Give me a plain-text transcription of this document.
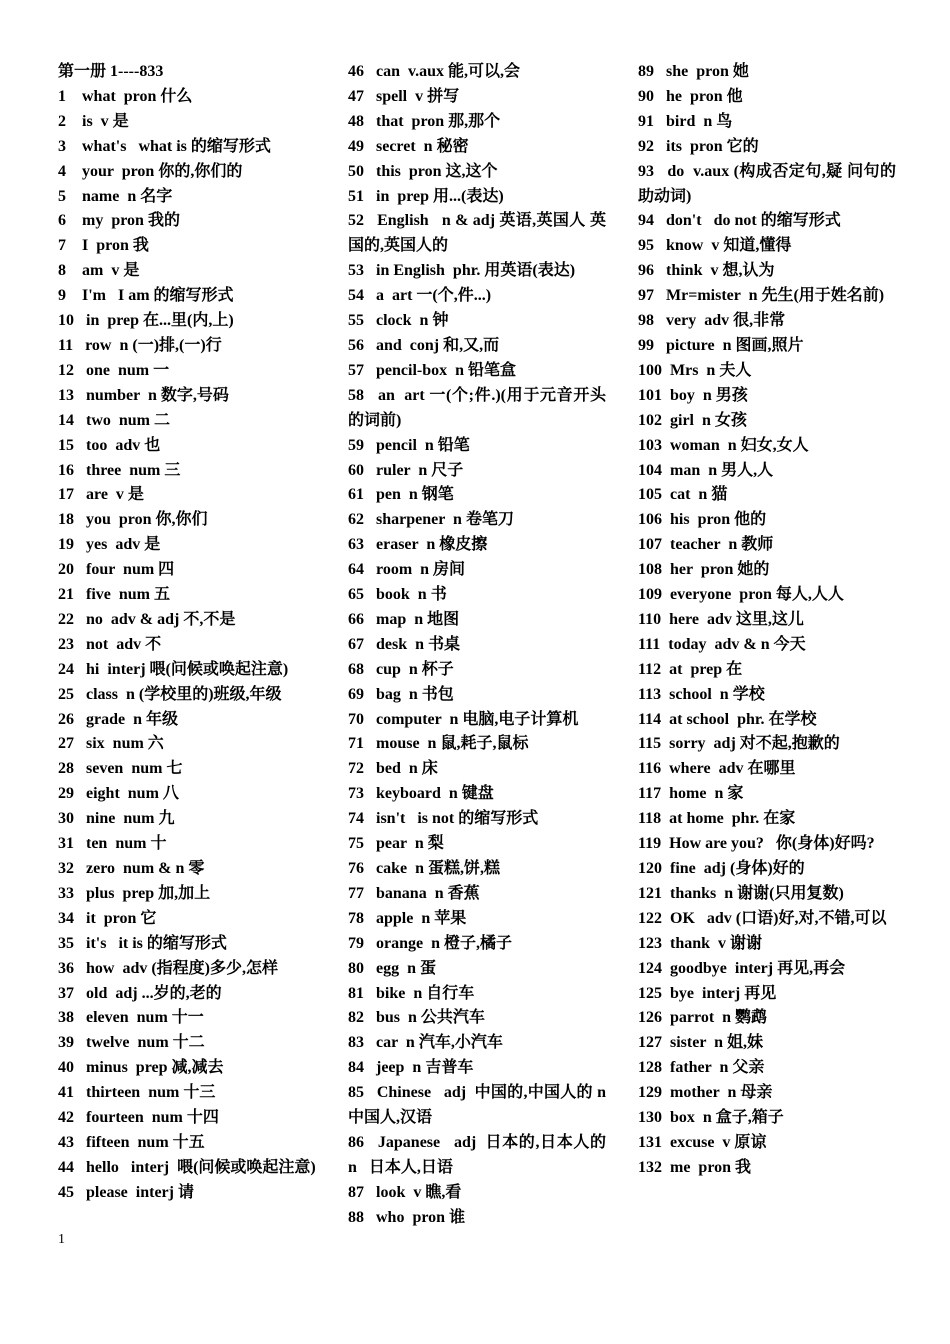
第一册 1----833
1    what  pron 什么
2    is  v 是
3    what's   what is 的缩写形式
4    your  pron 你的,你们的
5    name  n 名字
6    my  pron 我的
7    I  pron 我
8    am  v 是
9    I'm   I am 的缩写形式
10   in  prep 在...里(内,上)
11   row  n (一)排,(一)行
12   one  num 一
13   number  n 数字,号码
14   two  num 二
15   too  adv 也
16   three  num 三
17   are  v 是
18   you  pron 你,你们
19   yes  adv 是
20   four  num 四
21   five  num 五
22   no  adv & adj 不,不是
23   not  adv 不
24   hi  interj 喂(问候或唤起注意)
25   class  n (学校里的)班级,年级
26   grade  n 年级
27   six  num 六
28   seven  num 七
29   eight  num 八
30   nine  num 九
31   ten  num 十
32   zero  num & n 零
33   plus  prep 加,加上
34   it  pron 它
35   it's   it is 的缩写形式
36   how  adv (指程度)多少,怎样
37   old  adj ...岁的,老的
38   eleven  num 十一
39   twelve  num 十二
40   minus  prep 减,减去
41   thirteen  num 十三
42   fourteen  num 十四
43   fifteen  num 十五
44   hello   interj  喂(问候或唤起注意)
45   please  interj 请
46   can  v.aux 能,可以,会
47   spell  v 拼写
48   that  pron 那,那个
49   secret  n 秘密
50   this  pron 这,这个
51   in  prep 用...(表达)
52   English   n & adj 英语,英国人 英国的,英国人的
53   in English  phr. 用英语(表达)
54   a  art 一(个,件...)
55   clock  n 钟
56   and  conj 和,又,而
57   pencil-box  n 铅笔盒
58   an  art 一(个;件.)(用于元音开头的词前)
59   pencil  n 铅笔
60   ruler  n 尺子
61   pen  n 钢笔
62   sharpener  n 卷笔刀
63   eraser  n 橡皮擦
64   room  n 房间
65   book  n 书
66   map  n 地图
67   desk  n 书桌
68   cup  n 杯子
69   bag  n 书包
70   computer  n 电脑,电子计算机
71   mouse  n 鼠,耗子,鼠标
72   bed  n 床
73   keyboard  n 键盘
74   isn't   is not 的缩写形式
75   pear  n 梨
76   cake  n 蛋糕,饼,糕
77   banana  n 香蕉
78   apple  n 苹果
79   orange  n 橙子,橘子
80   egg  n 蛋
81   bike  n 自行车
82   bus  n 公共汽车
83   car  n 汽车,小汽车
84   jeep  n 吉普车
85   Chinese   adj  中国的,中国人的 n  中国人,汉语
86   Japanese   adj  日本的,日本人的 n   日本人,日语
87   look  v 瞧,看
88   who  pron 谁
89   she  pron 她
90   he  pron 他
91   bird  n 鸟
92   its  pron 它的
93   do  v.aux (构成否定句,疑 问句的助动词)
94   don't   do not 的缩写形式
95   know  v 知道,懂得
96   think  v 想,认为
97   Mr=mister  n 先生(用于姓名前)
98   very  adv 很,非常
99   picture  n 图画,照片
100  Mrs  n 夫人
101  boy  n 男孩
102  girl  n 女孩
103  woman  n 妇女,女人
104  man  n 男人,人
105  cat  n 猫
106  his  pron 他的
107  teacher  n 教师
108  her  pron 她的
109  everyone  pron 每人,人人
110  here  adv 这里,这儿
111  today  adv & n 今天
112  at  prep 在
113  school  n 学校
114  at school  phr. 在学校
115  sorry  adj 对不起,抱歉的
116  where  adv 在哪里
117  home  n 家
118  at home  phr. 在家
119  How are you?   你(身体)好吗?
120  fine  adj (身体)好的
121  thanks  n 谢谢(只用复数)
122  OK   adv (口语)好,对,不错,可以
123  thank  v 谢谢
124  goodbye  interj 再见,再会
125  bye  interj 再见
126  parrot  n 鹦鹉
127  sister  n 姐,妹
128  father  n 父亲
129  mother  n 母亲
130  box  n 盒子,箱子
131  excuse  v 原谅
132  me  pron 我
1
